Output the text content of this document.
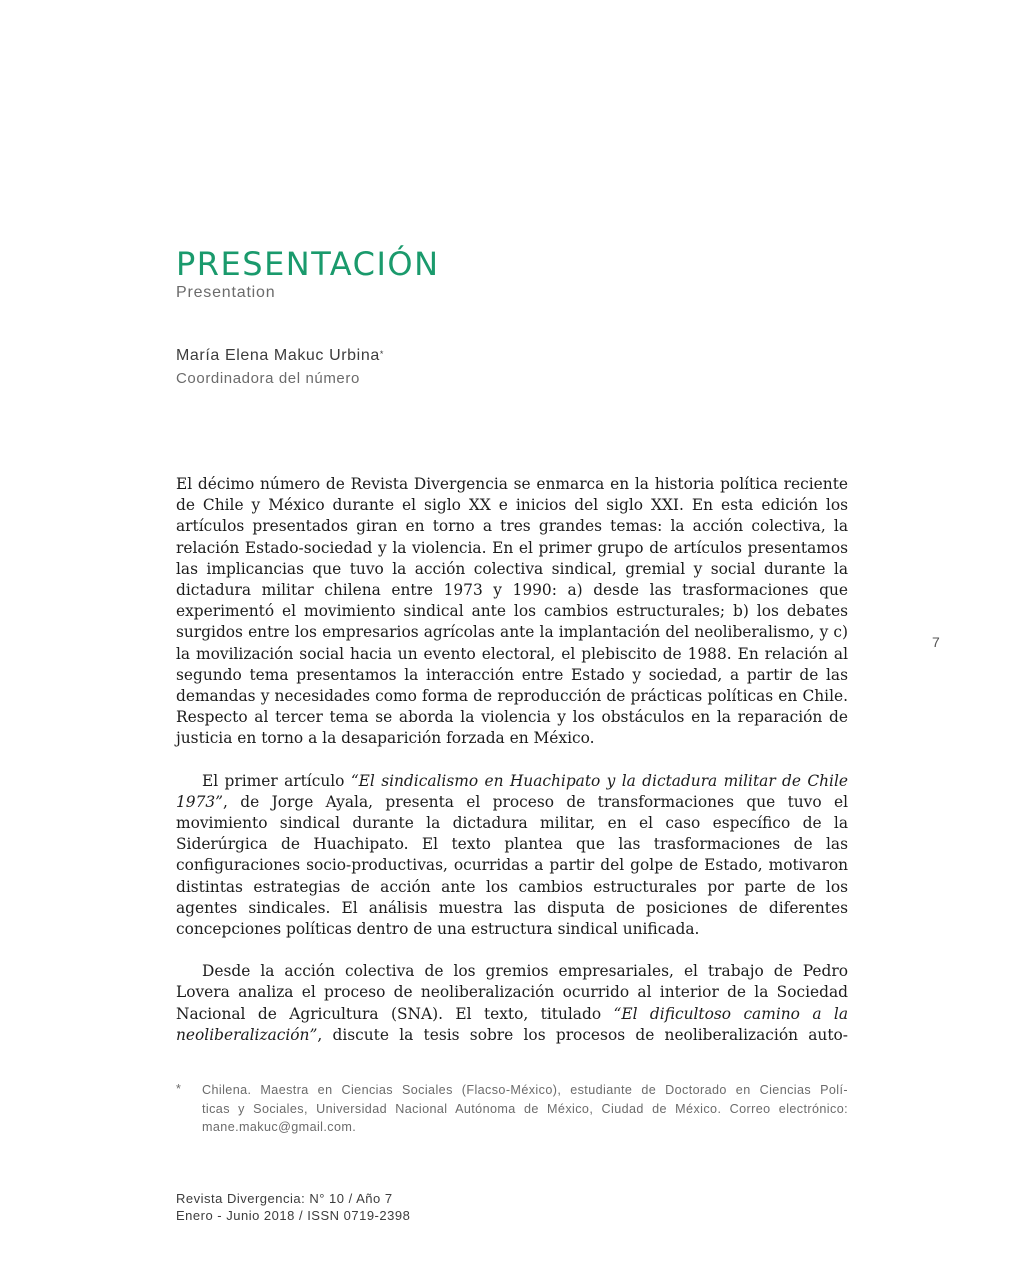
PRESENTACIÓN
Presentation
María Elena Makuc Urbina*
Coordinadora del número

El décimo número de Revista Divergencia se enmarca en la historia política reciente de Chile y México durante el siglo XX e inicios del siglo XXI. En esta edición los artículos presentados giran en torno a tres grandes temas: la acción colectiva, la relación Estado-sociedad y la violencia. En el primer grupo de artículos presentamos las implicancias que tuvo la acción colectiva sindical, gremial y social durante la dictadura militar chilena entre 1973 y 1990: a) desde las trasformaciones que experimentó el movimiento sindical ante los cambios estructurales; b) los debates surgidos entre los empresarios agrícolas ante la implantación del neoliberalismo, y c) la movilización social hacia un evento electoral, el plebiscito de 1988. En relación al segundo tema presentamos la interacción entre Estado y sociedad, a partir de las demandas y necesidades como forma de reproducción de prácticas políticas en Chile. Respecto al tercer tema se aborda la violencia y los obstáculos en la reparación de justicia en torno a la desaparición forzada en México.

El primer artículo “El sindicalismo en Huachipato y la dictadura militar de Chile 1973”, de Jorge Ayala, presenta el proceso de transformaciones que tuvo el movimiento sindical durante la dictadura militar, en el caso específico de la Siderúrgica de Huachipato. El texto plantea que las trasformaciones de las configuraciones socio-productivas, ocurridas a partir del golpe de Estado, motivaron distintas estrategias de acción ante los cambios estructurales por parte de los agentes sindicales. El análisis muestra las disputa de posiciones de diferentes concepciones políticas dentro de una estructura sindical unificada.

Desde la acción colectiva de los gremios empresariales, el trabajo de Pedro Lovera analiza el proceso de neoliberalización ocurrido al interior de la Sociedad Nacional de Agricultura (SNA). El texto, titulado “El dificultoso camino a la neoliberalización”, discute la tesis sobre los procesos de neoliberalización auto-

7
* Chilena. Maestra en Ciencias Sociales (Flacso-México), estudiante de Doctorado en Ciencias Polí-
ticas y Sociales, Universidad Nacional Autónoma de México, Ciudad de México. Correo electrónico:
mane.makuc@gmail.com.
Revista Divergencia: N° 10 / Año 7
Enero - Junio 2018 / ISSN 0719-2398
